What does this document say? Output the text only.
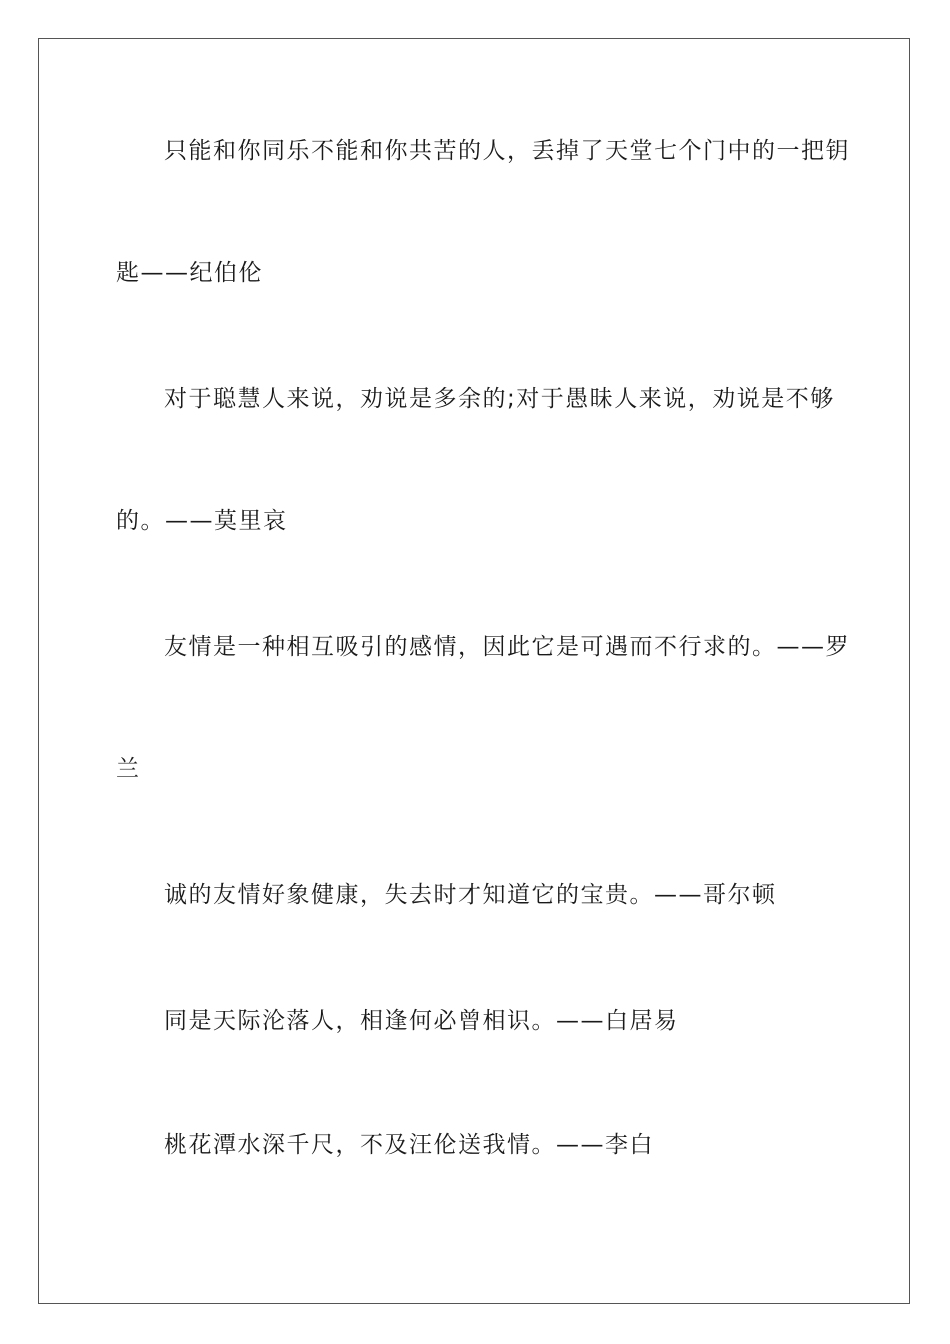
只能和你同乐不能和你共苦的人，丢掉了天堂七个门中的一把钥
匙——纪伯伦
对于聪慧人来说，劝说是多余的;对于愚昧人来说，劝说是不够
的。——莫里哀
友情是一种相互吸引的感情，因此它是可遇而不行求的。——罗
兰
诚的友情好象健康，失去时才知道它的宝贵。——哥尔顿
同是天际沦落人，相逢何必曾相识。——白居易
桃花潭水深千尺，不及汪伦送我情。——李白
